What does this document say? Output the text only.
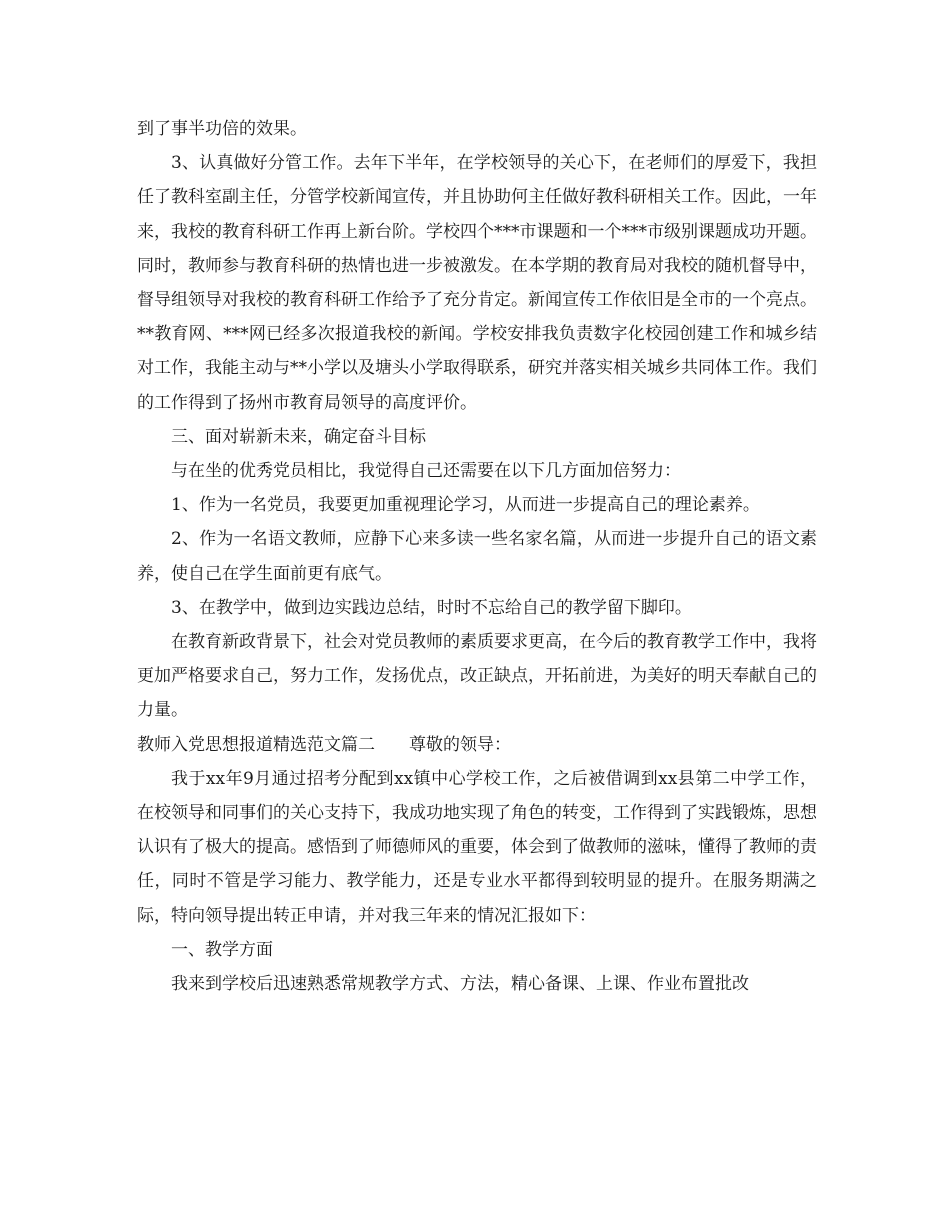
到了事半功倍的效果。

3、认真做好分管工作。去年下半年，在学校领导的关心下，在老师们的厚爱下，我担任了教科室副主任，分管学校新闻宣传，并且协助何主任做好教科研相关工作。因此，一年来，我校的教育科研工作再上新台阶。学校四个***市课题和一个***市级别课题成功开题。同时，教师参与教育科研的热情也进一步被激发。在本学期的教育局对我校的随机督导中，督导组领导对我校的教育科研工作给予了充分肯定。新闻宣传工作依旧是全市的一个亮点。**教育网、***网已经多次报道我校的新闻。学校安排我负责数字化校园创建工作和城乡结对工作，我能主动与**小学以及塘头小学取得联系，研究并落实相关城乡共同体工作。我们的工作得到了扬州市教育局领导的高度评价。

三、面对崭新未来，确定奋斗目标

与在坐的优秀党员相比，我觉得自己还需要在以下几方面加倍努力：

1、作为一名党员，我要更加重视理论学习，从而进一步提高自己的理论素养。

2、作为一名语文教师，应静下心来多读一些名家名篇，从而进一步提升自己的语文素养，使自己在学生面前更有底气。

3、在教学中，做到边实践边总结，时时不忘给自己的教学留下脚印。

在教育新政背景下，社会对党员教师的素质要求更高，在今后的教育教学工作中，我将更加严格要求自己，努力工作，发扬优点，改正缺点，开拓前进，为美好的明天奉献自己的力量。

教师入党思想报道精选范文篇二 尊敬的领导：

我于xx年9月通过招考分配到xx镇中心学校工作，之后被借调到xx县第二中学工作，在校领导和同事们的关心支持下，我成功地实现了角色的转变，工作得到了实践锻炼，思想认识有了极大的提高。感悟到了师德师风的重要，体会到了做教师的滋味，懂得了教师的责任，同时不管是学习能力、教学能力，还是专业水平都得到较明显的提升。在服务期满之际，特向领导提出转正申请，并对我三年来的情况汇报如下：

一、教学方面

我来到学校后迅速熟悉常规教学方式、方法，精心备课、上课、作业布置批改
